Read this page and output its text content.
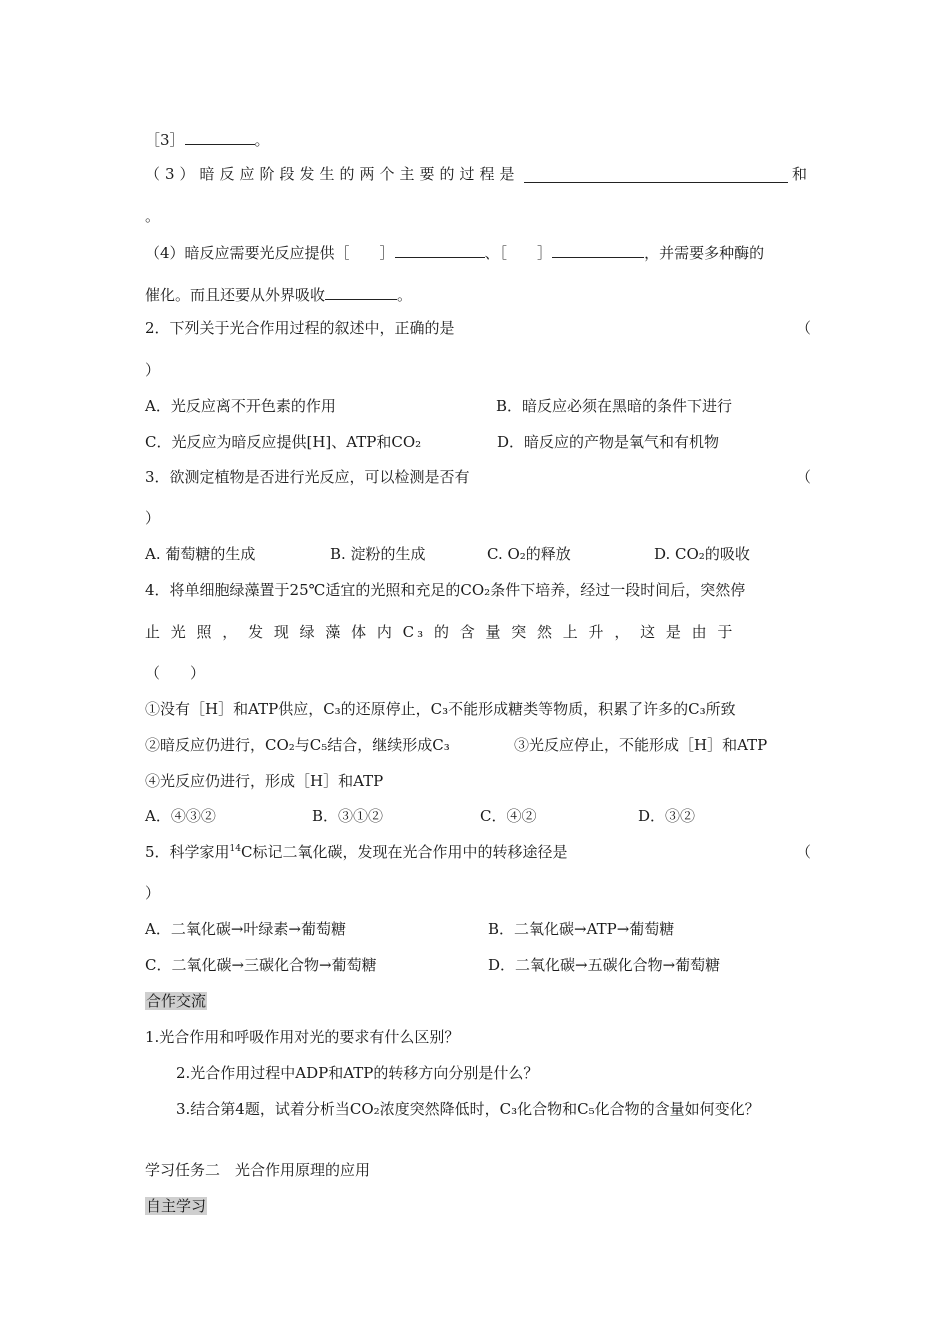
［3］	。
（3）暗反应阶段发生的两个主要的过程是	和
。
（4）暗反应需要光反应提供［　　］	、［　　］	，并需要多种酶的
催化。而且还要从外界吸收	。
2．下列关于光合作用过程的叙述中，正确的是	（
）
A．光反应离不开色素的作用	B．暗反应必须在黑暗的条件下进行
C．光反应为暗反应提供[H]、ATP和CO₂	D．暗反应的产物是氧气和有机物
3．欲测定植物是否进行光反应，可以检测是否有	（
）
A. 葡萄糖的生成	B. 淀粉的生成	C. O₂的释放	D. CO₂的吸收
4．将单细胞绿藻置于25℃适宜的光照和充足的CO₂条件下培养，经过一段时间后，突然停
止 光 照 ， 发 现 绿 藻 体 内 C₃ 的 含 量 突 然 上 升 ， 这 是 由 于
（　　）
①没有［H］和ATP供应，C₃的还原停止，C₃不能形成糖类等物质，积累了许多的C₃所致
②暗反应仍进行，CO₂与C₅结合，继续形成C₃	③光反应停止，不能形成［H］和ATP
④光反应仍进行，形成［H］和ATP
A．④③②	B．③①②	C．④②	D．③②
5．科学家用$^{14}$C标记二氧化碳，发现在光合作用中的转移途径是	（
）
A．二氧化碳→叶绿素→葡萄糖	B．二氧化碳→ATP→葡萄糖
C．二氧化碳→三碳化合物→葡萄糖	D．二氧化碳→五碳化合物→葡萄糖
合作交流
1.光合作用和呼吸作用对光的要求有什么区别？
2.光合作用过程中ADP和ATP的转移方向分别是什么？
3.结合第4题，试着分析当CO₂浓度突然降低时，C₃化合物和C₅化合物的含量如何变化？
学习任务二　光合作用原理的应用
自主学习
